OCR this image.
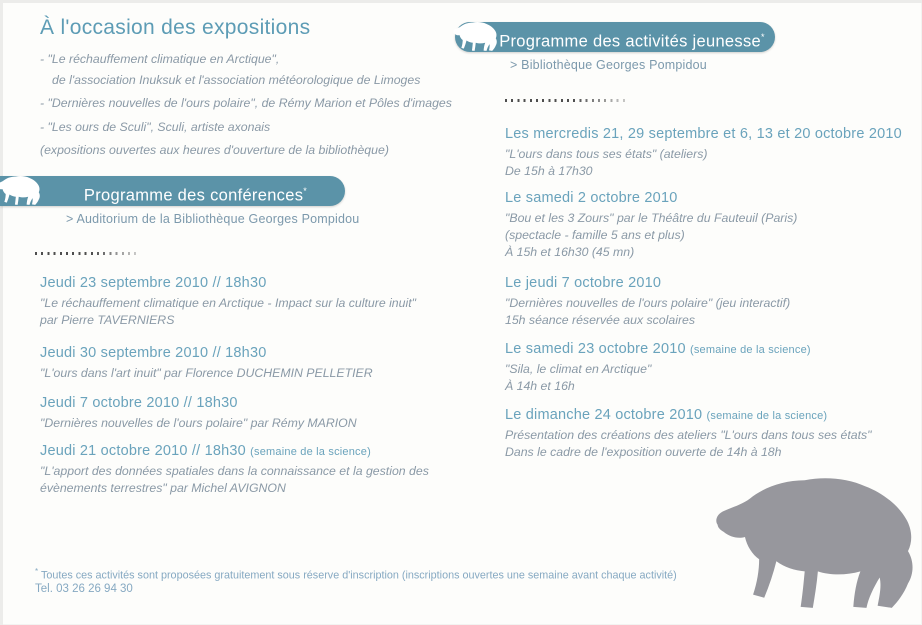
À l'occasion des expositions
- "Le réchauffement climatique en Arctique",
de l'association Inuksuk et l'association météorologique de Limoges
- "Dernières nouvelles de l'ours polaire", de Rémy Marion et Pôles d'images
- "Les ours de Sculi", Sculi, artiste axonais
(expositions ouvertes aux heures d'ouverture de la bibliothèque)
Programme des conférences*
> Auditorium de la Bibliothèque Georges Pompidou
Jeudi 23 septembre 2010 // 18h30
"Le réchauffement climatique en Arctique - Impact sur la culture inuit"
par Pierre TAVERNIERS
Jeudi 30 septembre 2010 // 18h30
"L'ours dans l'art inuit" par Florence DUCHEMIN PELLETIER
Jeudi 7 octobre 2010 // 18h30
"Dernières nouvelles de l'ours polaire" par Rémy MARION
Jeudi 21 octobre 2010 // 18h30 (semaine de la science)
"L'apport des données spatiales dans la connaissance et la gestion des
évènements terrestres" par Michel AVIGNON
Programme des activités jeunesse*
> Bibliothèque Georges Pompidou
Les mercredis 21, 29 septembre et 6, 13 et 20 octobre 2010
"L'ours dans tous ses états" (ateliers)
De 15h à 17h30
Le samedi 2 octobre 2010
"Bou et les 3 Zours" par le Théâtre du Fauteuil (Paris)
(spectacle - famille 5 ans et plus)
À 15h et 16h30 (45 mn)
Le jeudi 7 octobre 2010
"Dernières nouvelles de l'ours polaire" (jeu interactif)
15h séance réservée aux scolaires
Le samedi 23 octobre 2010 (semaine de la science)
"Sila, le climat en Arctique"
À 14h et 16h
Le dimanche 24 octobre 2010 (semaine de la science)
Présentation des créations des ateliers "L'ours dans tous ses états"
Dans le cadre de l'exposition ouverte de 14h à 18h
* Toutes ces activités sont proposées gratuitement sous réserve d'inscription (inscriptions ouvertes une semaine avant chaque activité)
Tel. 03 26 26 94 30
